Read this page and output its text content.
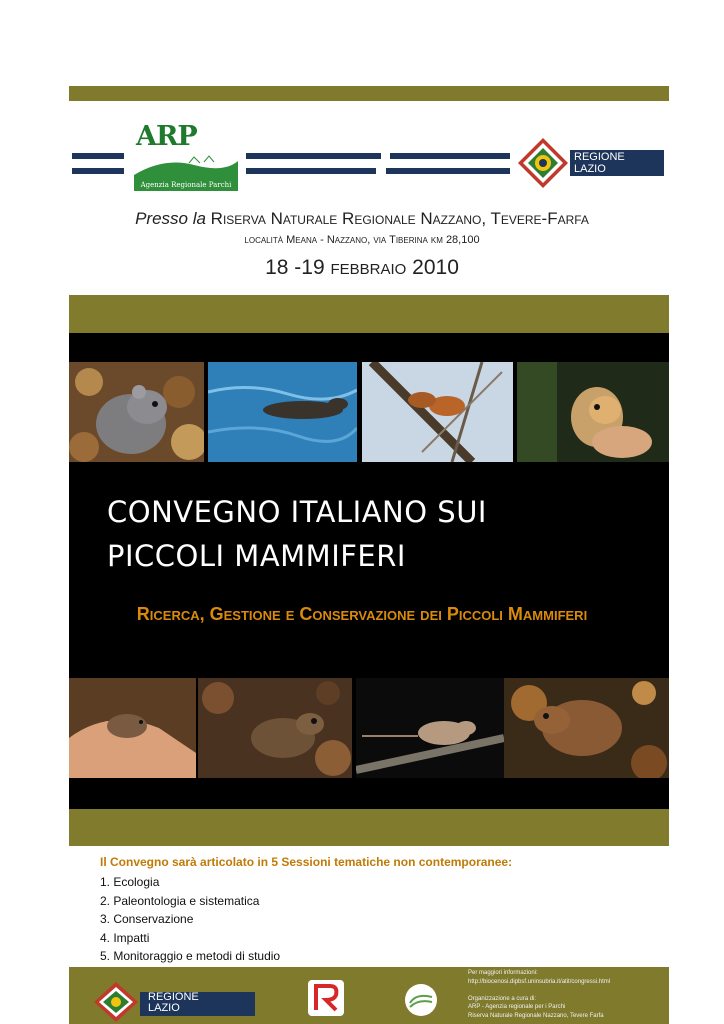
ARP
Agenzia Regionale Parchi
REGIONE
LAZIO
Presso la Riserva Naturale Regionale Nazzano, Tevere-Farfa
località Meana - Nazzano, via Tiberina km 28,100
18 -19 febbraio 2010
CONVEGNO ITALIANO SUI
PICCOLI MAMMIFERI
Ricerca, Gestione e Conservazione dei Piccoli Mammiferi
Il Convegno sarà articolato in 5 Sessioni tematiche non contemporanee:
1. Ecologia
2. Paleontologia e sistematica
3. Conservazione
4. Impatti
5. Monitoraggio e metodi di studio
REGIONE
LAZIO
Per maggiori informazioni:
http://biocenosi.dipbsf.uninsubria.it/atit/congressi.html

Organizzazione a cura di:
ARP - Agenzia regionale per i Parchi
Riserva Naturale Regionale Nazzano, Tevere Farfa
